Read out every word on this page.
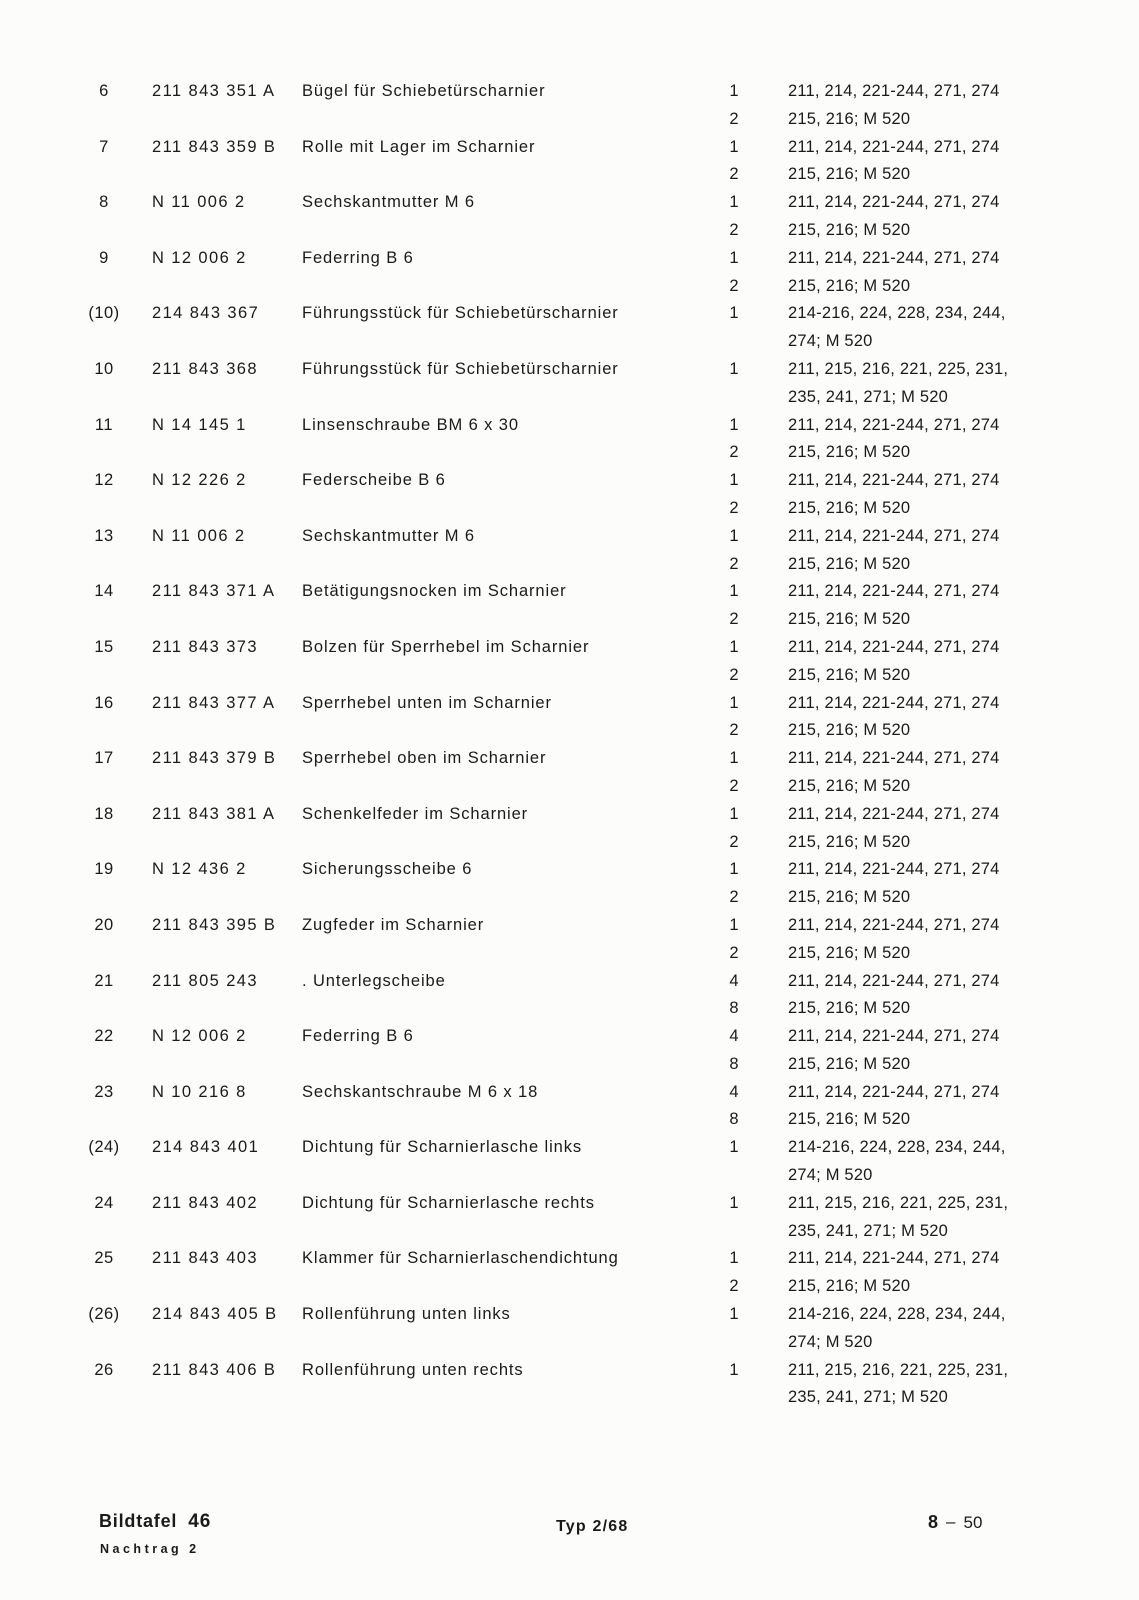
6	211 843 351 A	Bügel für Schiebetürscharnier	1	211, 214, 221-244, 271, 274
2	215, 216; M 520
7	211 843 359 B	Rolle mit Lager im Scharnier	1	211, 214, 221-244, 271, 274
2	215, 216; M 520
8	N 11 006 2	Sechskantmutter M 6	1	211, 214, 221-244, 271, 274
2	215, 216; M 520
9	N 12 006 2	Federring B 6	1	211, 214, 221-244, 271, 274
2	215, 216; M 520
(10)	214 843 367	Führungsstück für Schiebetürscharnier	1	214-216, 224, 228, 234, 244,
274; M 520
10	211 843 368	Führungsstück für Schiebetürscharnier	1	211, 215, 216, 221, 225, 231,
235, 241, 271; M 520
11	N 14 145 1	Linsenschraube BM 6 x 30	1	211, 214, 221-244, 271, 274
2	215, 216; M 520
12	N 12 226 2	Federscheibe B 6	1	211, 214, 221-244, 271, 274
2	215, 216; M 520
13	N 11 006 2	Sechskantmutter M 6	1	211, 214, 221-244, 271, 274
2	215, 216; M 520
14	211 843 371 A	Betätigungsnocken im Scharnier	1	211, 214, 221-244, 271, 274
2	215, 216; M 520
15	211 843 373	Bolzen für Sperrhebel im Scharnier	1	211, 214, 221-244, 271, 274
2	215, 216; M 520
16	211 843 377 A	Sperrhebel unten im Scharnier	1	211, 214, 221-244, 271, 274
2	215, 216; M 520
17	211 843 379 B	Sperrhebel oben im Scharnier	1	211, 214, 221-244, 271, 274
2	215, 216; M 520
18	211 843 381 A	Schenkelfeder im Scharnier	1	211, 214, 221-244, 271, 274
2	215, 216; M 520
19	N 12 436 2	Sicherungsscheibe 6	1	211, 214, 221-244, 271, 274
2	215, 216; M 520
20	211 843 395 B	Zugfeder im Scharnier	1	211, 214, 221-244, 271, 274
2	215, 216; M 520
21	211 805 243	. Unterlegscheibe	4	211, 214, 221-244, 271, 274
8	215, 216; M 520
22	N 12 006 2	Federring B 6	4	211, 214, 221-244, 271, 274
8	215, 216; M 520
23	N 10 216 8	Sechskantschraube M 6 x 18	4	211, 214, 221-244, 271, 274
8	215, 216; M 520
(24)	214 843 401	Dichtung für Scharnierlasche links	1	214-216, 224, 228, 234, 244,
274; M 520
24	211 843 402	Dichtung für Scharnierlasche rechts	1	211, 215, 216, 221, 225, 231,
235, 241, 271; M 520
25	211 843 403	Klammer für Scharnierlaschendichtung	1	211, 214, 221-244, 271, 274
2	215, 216; M 520
(26)	214 843 405 B	Rollenführung unten links	1	214-216, 224, 228, 234, 244,
274; M 520
26	211 843 406 B	Rollenführung unten rechts	1	211, 215, 216, 221, 225, 231,
235, 241, 271; M 520
Bildtafel 46
Nachtrag 2
Typ 2/68	8 – 50
